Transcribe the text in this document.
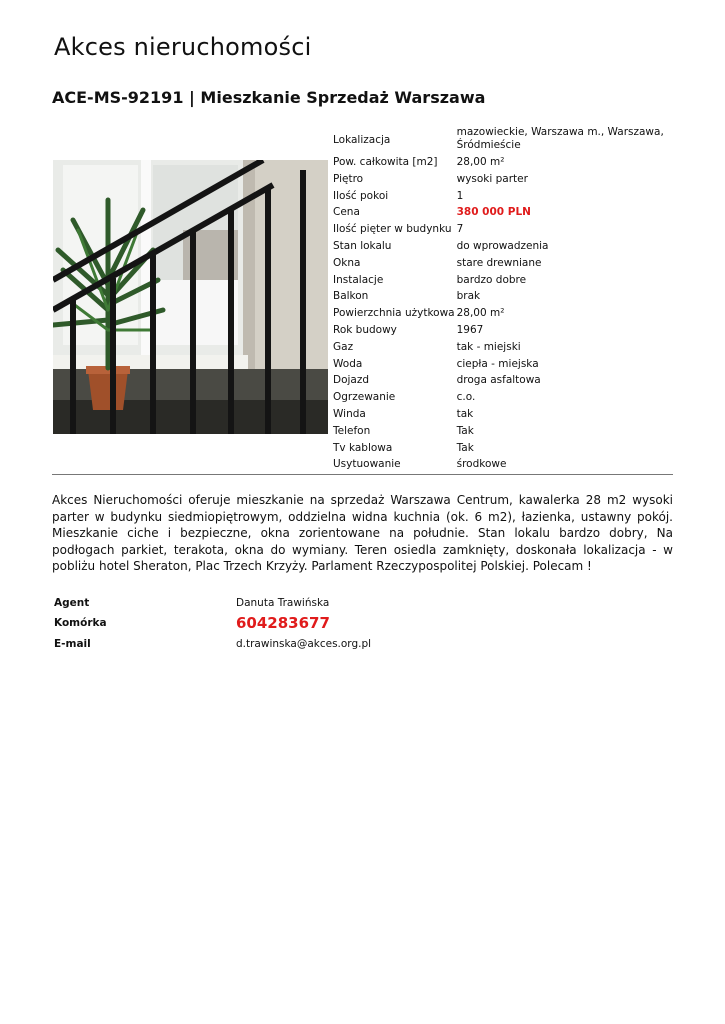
Akces nieruchomości
ACE-MS-92191 | Mieszkanie Sprzedaż Warszawa
Lokalizacja	mazowieckie, Warszawa m., Warszawa, Śródmieście
Pow. całkowita [m2]	28,00 m²
Piętro	wysoki parter
Ilość pokoi	1
Cena	380 000 PLN
Ilość pięter w budynku	7
Stan lokalu	do wprowadzenia
Okna	stare drewniane
Instalacje	bardzo dobre
Balkon	brak
Powierzchnia użytkowa	28,00 m²
Rok budowy	1967
Gaz	tak - miejski
Woda	ciepła - miejska
Dojazd	droga asfaltowa
Ogrzewanie	c.o.
Winda	tak
Telefon	Tak
Tv kablowa	Tak
Usytuowanie	środkowe
Akces Nieruchomości oferuje mieszkanie na sprzedaż Warszawa Centrum, kawalerka 28 m2 wysoki parter w budynku siedmiopiętrowym, oddzielna widna kuchnia (ok. 6 m2), łazienka, ustawny pokój. Mieszkanie ciche i bezpieczne, okna zorientowane na południe. Stan lokalu bardzo dobry, Na podłogach parkiet, terakota, okna do wymiany. Teren osiedla zamknięty, doskonała lokalizacja - w pobliżu hotel Sheraton, Plac Trzech Krzyży. Parlament Rzeczypospolitej Polskiej. Polecam !
Agent	Danuta Trawińska
Komórka	604283677
E-mail	d.trawinska@akces.org.pl
